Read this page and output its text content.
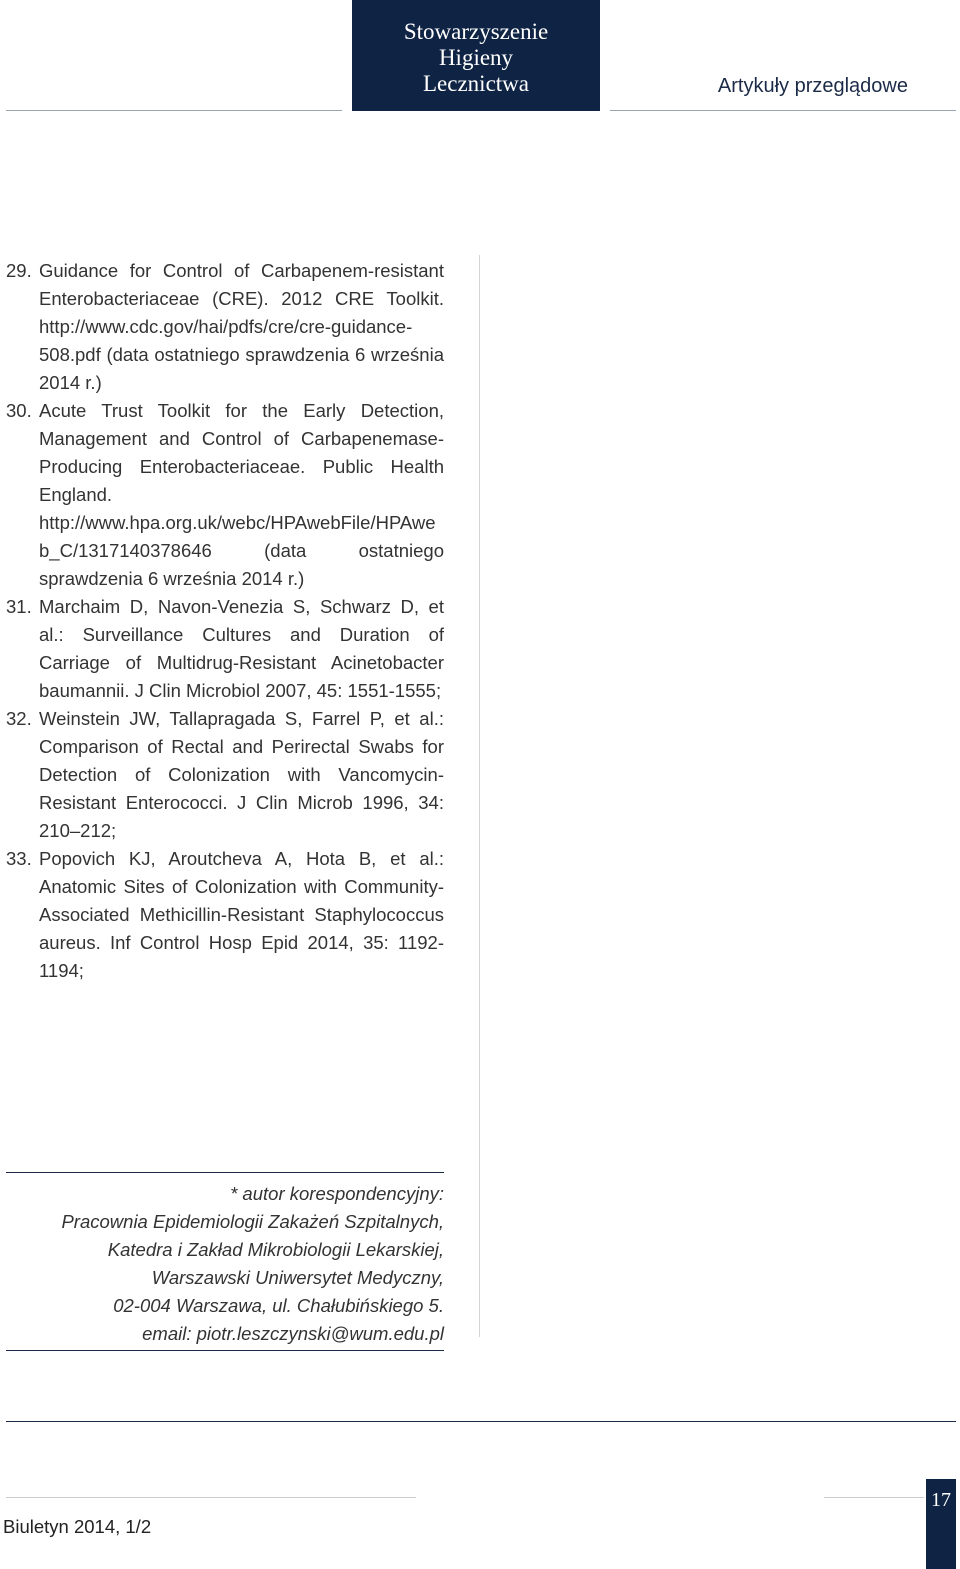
Stowarzyszenie
Higieny
Lecznictwa	Artykuły przeglądowe
29. Guidance for Control of Carbapenem-resistant Enterobacteriaceae (CRE). 2012 CRE Toolkit. http://www.cdc.gov/hai/pdfs/cre/cre-guidance-508.pdf (data ostatniego sprawdzenia 6 września 2014 r.)
30. Acute Trust Toolkit for the Early Detection, Management and Control of Carbapenemase-Producing Enterobacteriaceae. Public Health England. http://www.hpa.org.uk/webc/HPAwebFile/HPAweb_C/1317140378646 (data ostatniego sprawdzenia 6 września 2014 r.)
31. Marchaim D, Navon-Venezia S, Schwarz D, et al.: Surveillance Cultures and Duration of Carriage of Multidrug-Resistant Acinetobacter baumannii. J Clin Microbiol 2007, 45: 1551-1555;
32. Weinstein JW, Tallapragada S, Farrel P, et al.: Comparison of Rectal and Perirectal Swabs for Detection of Colonization with Vancomycin-Resistant Enterococci. J Clin Microb 1996, 34: 210–212;
33. Popovich KJ, Aroutcheva A, Hota B, et al.: Anatomic Sites of Colonization with Community-Associated Methicillin-Resistant Staphylococcus aureus. Inf Control Hosp Epid 2014, 35: 1192-1194;
* autor korespondencyjny:
Pracownia Epidemiologii Zakażeń Szpitalnych,
Katedra i Zakład Mikrobiologii Lekarskiej,
Warszawski Uniwersytet Medyczny,
02-004 Warszawa, ul. Chałubińskiego 5.
email: piotr.leszczynski@wum.edu.pl
Biuletyn 2014, 1/2
17
